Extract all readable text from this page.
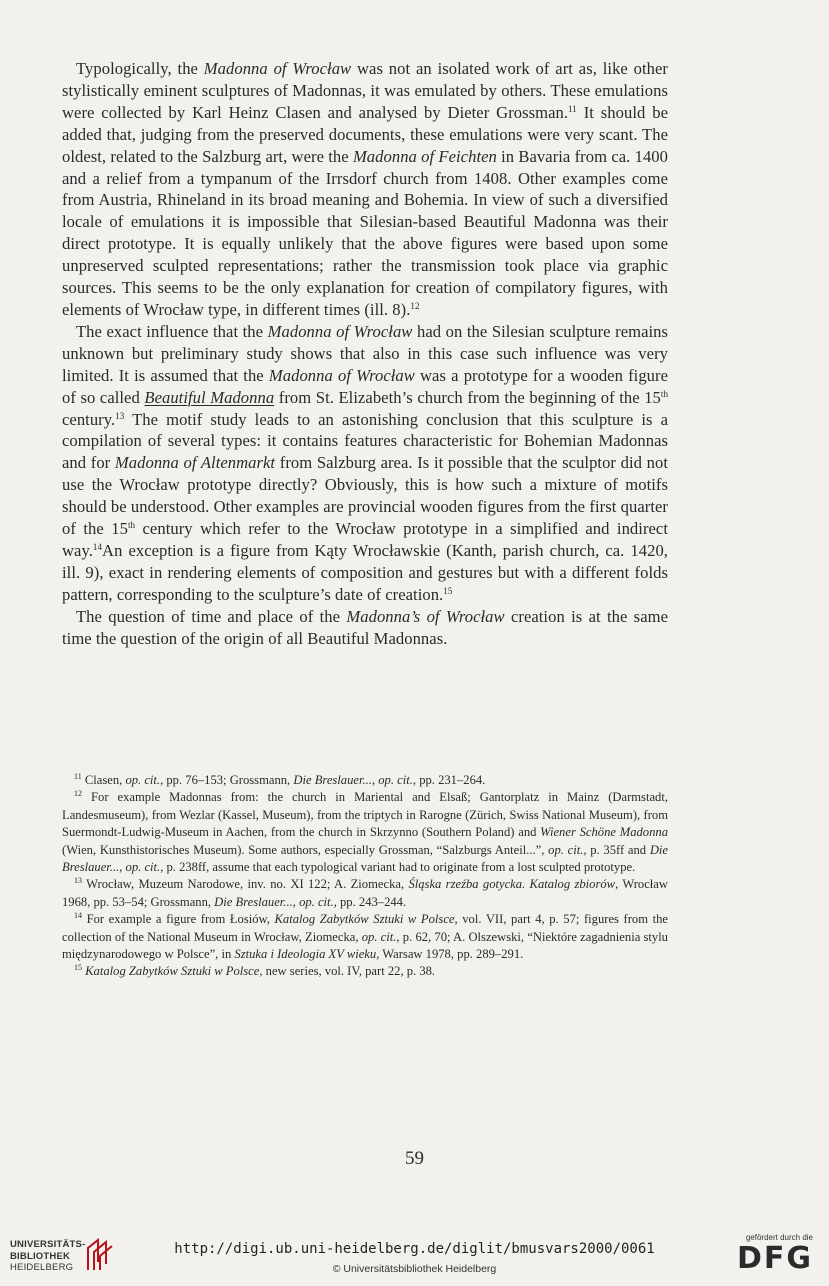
Typologically, the Madonna of Wrocław was not an isolated work of art as, like other stylistically eminent sculptures of Madonnas, it was emulated by others. These emulations were collected by Karl Heinz Clasen and analysed by Dieter Grossman.$^{11}$ It should be added that, judging from the preserved documents, these emulations were very scant. The oldest, related to the Salzburg art, were the Madonna of Feichten in Bavaria from ca. 1400 and a relief from a tympanum of the Irrsdorf church from 1408. Other examples come from Austria, Rhineland in its broad meaning and Bohemia. In view of such a diversified locale of emulations it is impossible that Silesian-based Beautiful Madonna was their direct prototype. It is equally unlikely that the above figures were based upon some unpreserved sculpted representations; rather the transmission took place via graphic sources. This seems to be the only explanation for creation of compilatory figures, with elements of Wrocław type, in different times (ill. 8).$^{12}$

The exact influence that the Madonna of Wrocław had on the Silesian sculpture remains unknown but preliminary study shows that also in this case such influence was very limited. It is assumed that the Madonna of Wrocław was a prototype for a wooden figure of so called Beautiful Madonna from St. Elizabeth’s church from the beginning of the 15th century.$^{13}$ The motif study leads to an astonishing conclusion that this sculpture is a compilation of several types: it contains features characteristic for Bohemian Madonnas and for Madonna of Altenmarkt from Salzburg area. Is it possible that the sculptor did not use the Wrocław prototype directly? Obviously, this is how such a mixture of motifs should be understood. Other examples are provincial wooden figures from the first quarter of the 15th century which refer to the Wrocław prototype in a simplified and indirect way.$^{14}$An exception is a figure from Kąty Wrocławskie (Kanth, parish church, ca. 1420, ill. 9), exact in rendering elements of composition and gestures but with a different folds pattern, corresponding to the sculpture’s date of creation.$^{15}$

The question of time and place of the Madonna’s of Wrocław creation is at the same time the question of the origin of all Beautiful Madonnas.

$^{11}$ Clasen, op. cit., pp. 76–153; Grossmann, Die Breslauer..., op. cit., pp. 231–264.

$^{12}$ For example Madonnas from: the church in Mariental and Elsaß; Gantorplatz in Mainz (Darmstadt, Landesmuseum), from Wezlar (Kassel, Museum), from the triptych in Rarogne (Zürich, Swiss National Museum), from Suermondt-Ludwig-Museum in Aachen, from the church in Skrzynno (Southern Poland) and Wiener Schöne Madonna (Wien, Kunsthistorisches Museum). Some authors, especially Grossman, “Salzburgs Anteil...”, op. cit., p. 35ff and Die Breslauer..., op. cit., p. 238ff, assume that each typological variant had to originate from a lost sculpted prototype.

$^{13}$ Wrocław, Muzeum Narodowe, inv. no. XI 122; A. Ziomecka, Śląska rzeźba gotycka. Katalog zbiorów, Wrocław 1968, pp. 53–54; Grossmann, Die Breslauer..., op. cit., pp. 243–244.

$^{14}$ For example a figure from Łosiów, Katalog Zabytków Sztuki w Polsce, vol. VII, part 4, p. 57; figures from the collection of the National Museum in Wrocław, Ziomecka, op. cit., p. 62, 70; A. Olszewski, “Niektóre zagadnienia stylu międzynarodowego w Polsce”, in Sztuka i Ideologia XV wieku, Warsaw 1978, pp. 289–291.

$^{15}$ Katalog Zabytków Sztuki w Polsce, new series, vol. IV, part 22, p. 38.

59
UNIVERSITÄTS-
BIBLIOTHEK
HEIDELBERG
http://digi.ub.uni-heidelberg.de/diglit/bmusvars2000/0061
© Universitätsbibliothek Heidelberg
gefördert durch die
DFG
